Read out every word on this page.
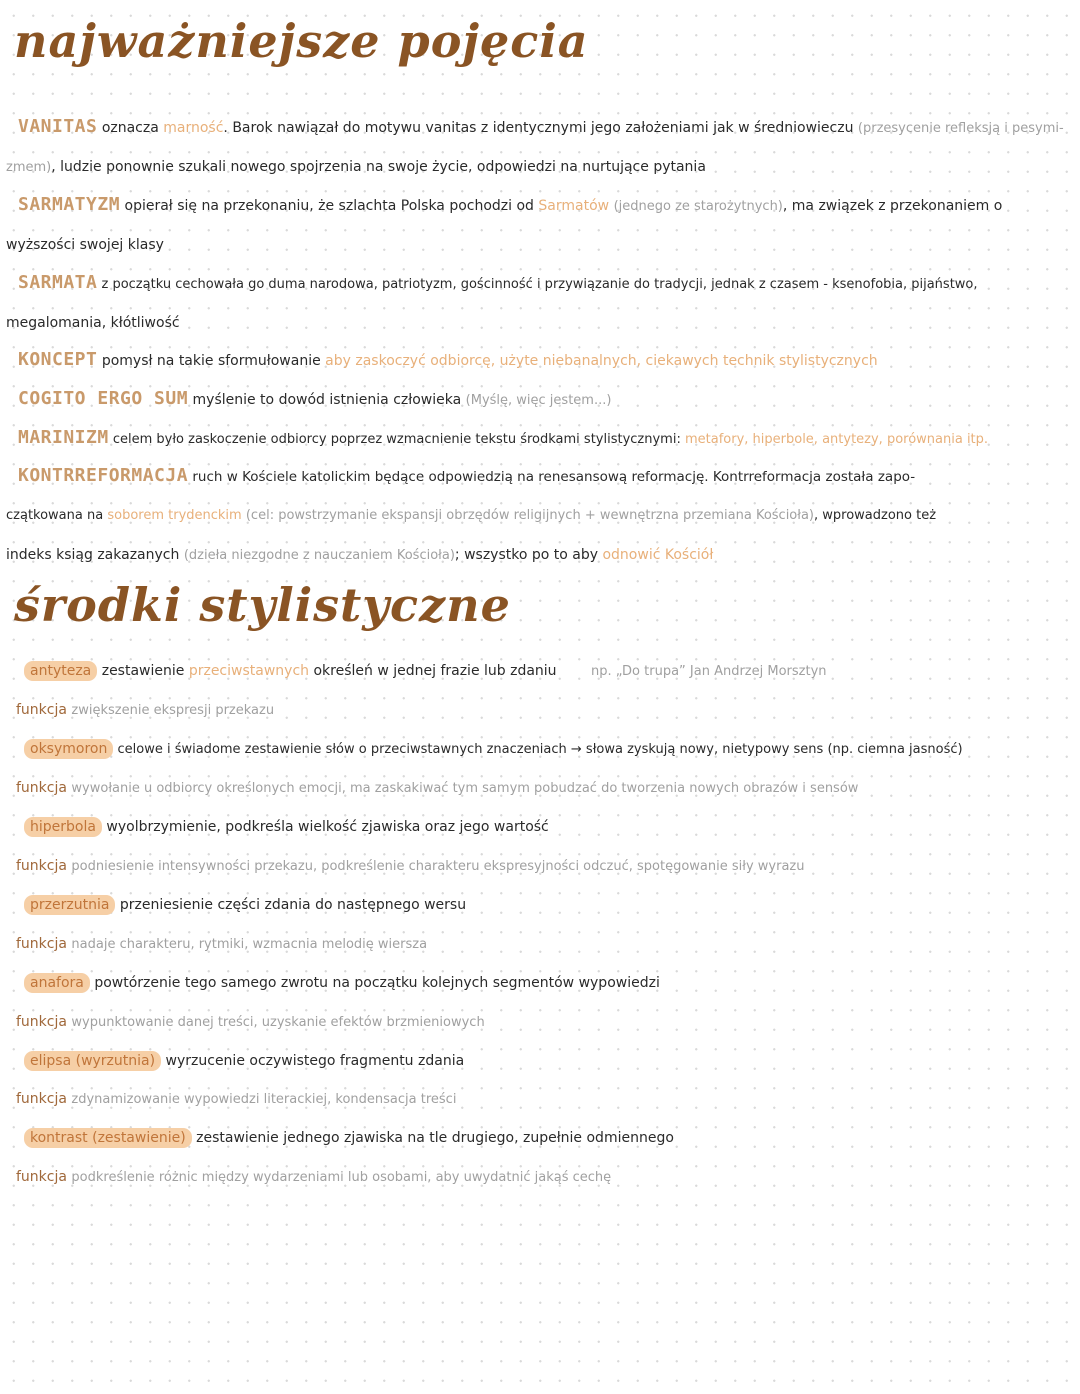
najważniejsze pojęcia
VANITAS oznacza marność. Barok nawiązał do motywu vanitas z identycznymi jego założeniami jak w średniowieczu (przesycenie refleksją i pesymi-
zmem), ludzie ponownie szukali nowego spojrzenia na swoje życie, odpowiedzi na nurtujące pytania
SARMATYZM opierał się na przekonaniu, że szlachta Polska pochodzi od Sarmatów (jednego ze starożytnych), ma związek z przekonaniem o
wyższości swojej klasy
SARMATA z początku cechowała go duma narodowa, patriotyzm, gościnność i przywiązanie do tradycji, jednak z czasem - ksenofobia, pijaństwo,
megalomania, kłótliwość
KONCEPT pomysł na takie sformułowanie aby zaskoczyć odbiorcę, użyte niebanalnych, ciekawych technik stylistycznych
COGITO ERGO SUM myślenie to dowód istnienia człowieka (Myślę, więc jestem...)
MARINIZM celem było zaskoczenie odbiorcy poprzez wzmacnienie tekstu środkami stylistycznymi: metafory, hiperbole, antytezy, porównania itp.
KONTRREFORMACJA ruch w Kościele katolickim będące odpowiedzią na renesansową reformację. Kontrreformacja została zapo-
czątkowana na soborem trydenckim (cel: powstrzymanie ekspansji obrzędów religijnych + wewnętrzna przemiana Kościoła), wprowadzono też
indeks ksiąg zakazanych (dzieła niezgodne z nauczaniem Kościoła); wszystko po to aby odnowić Kościół
środki stylistyczne
antyteza zestawienie przeciwstawnych określeń w jednej frazie lub zdaniu	np. „Do trupa” Jan Andrzej Morsztyn
funkcja zwiększenie ekspresji przekazu
oksymoron celowe i świadome zestawienie słów o przeciwstawnych znaczeniach → słowa zyskują nowy, nietypowy sens (np. ciemna jasność)
funkcja wywołanie u odbiorcy określonych emocji, ma zaskakiwać tym samym pobudzać do tworzenia nowych obrazów i sensów
hiperbola wyolbrzymienie, podkreśla wielkość zjawiska oraz jego wartość
funkcja podniesienie intensywności przekazu, podkreślenie charakteru ekspresyjności odczuć, spotęgowanie siły wyrazu
przerzutnia przeniesienie części zdania do następnego wersu
funkcja nadaje charakteru, rytmiki, wzmacnia melodię wiersza
anafora powtórzenie tego samego zwrotu na początku kolejnych segmentów wypowiedzi
funkcja wypunktowanie danej treści, uzyskanie efektów brzmieniowych
elipsa (wyrzutnia) wyrzucenie oczywistego fragmentu zdania
funkcja zdynamizowanie wypowiedzi literackiej, kondensacja treści
kontrast (zestawienie) zestawienie jednego zjawiska na tle drugiego, zupełnie odmiennego
funkcja podkreślenie różnic między wydarzeniami lub osobami, aby uwydatnić jakąś cechę
